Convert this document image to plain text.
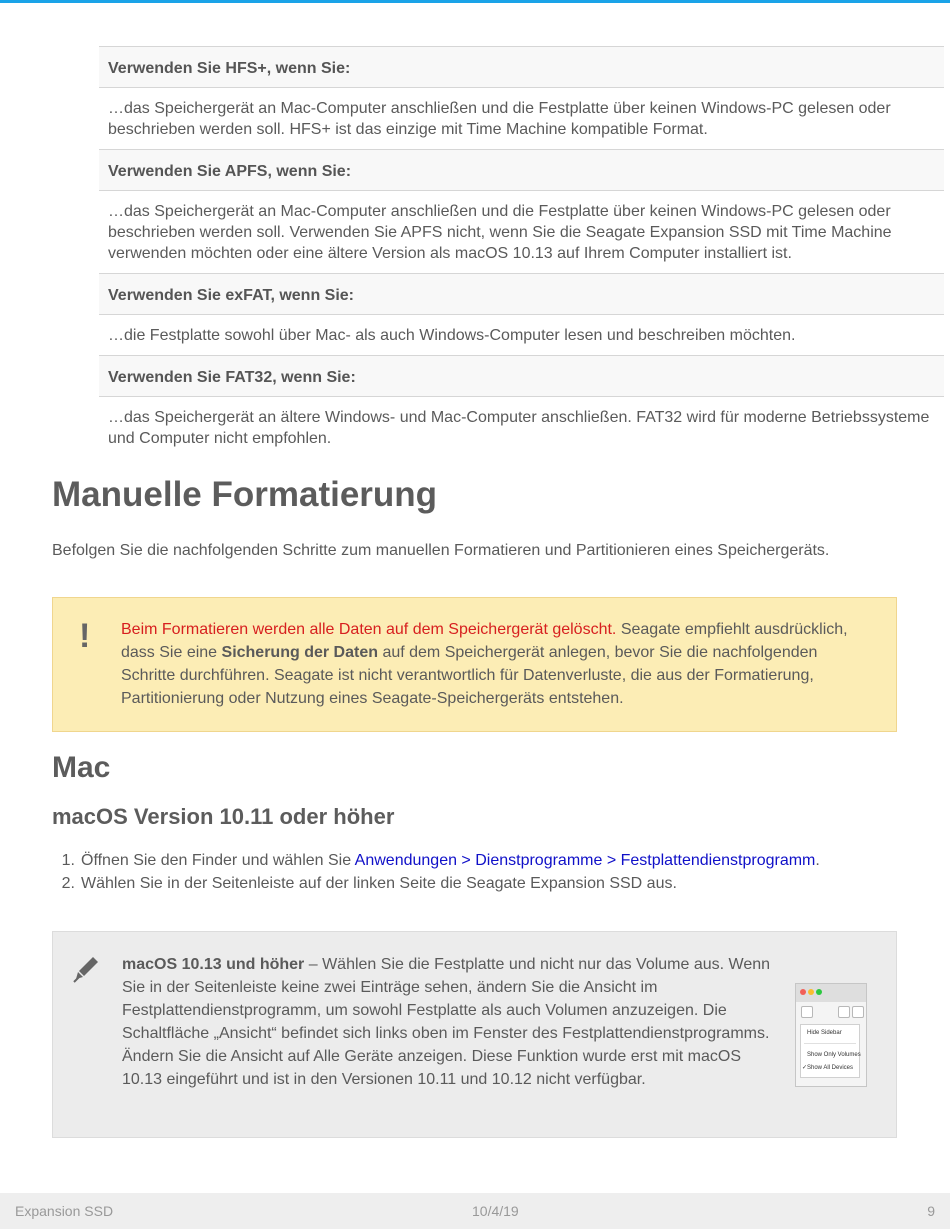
Verwenden Sie HFS+, wenn Sie:
…das Speichergerät an Mac-Computer anschließen und die Festplatte über keinen Windows-PC gelesen oder beschrieben werden soll. HFS+ ist das einzige mit Time Machine kompatible Format.
Verwenden Sie APFS, wenn Sie:
…das Speichergerät an Mac-Computer anschließen und die Festplatte über keinen Windows-PC gelesen oder beschrieben werden soll. Verwenden Sie APFS nicht, wenn Sie die Seagate Expansion SSD mit Time Machine verwenden möchten oder eine ältere Version als macOS 10.13 auf Ihrem Computer installiert ist.
Verwenden Sie exFAT, wenn Sie:
…die Festplatte sowohl über Mac- als auch Windows-Computer lesen und beschreiben möchten.
Verwenden Sie FAT32, wenn Sie:
…das Speichergerät an ältere Windows- und Mac-Computer anschließen. FAT32 wird für moderne Betriebssysteme und Computer nicht empfohlen.
Manuelle Formatierung

Befolgen Sie die nachfolgenden Schritte zum manuellen Formatieren und Partitionieren eines Speichergeräts.

! Beim Formatieren werden alle Daten auf dem Speichergerät gelöscht. Seagate empfiehlt ausdrücklich, dass Sie eine Sicherung der Daten auf dem Speichergerät anlegen, bevor Sie die nachfolgenden Schritte durchführen. Seagate ist nicht verantwortlich für Datenverluste, die aus der Formatierung, Partitionierung oder Nutzung eines Seagate-Speichergeräts entstehen.

Mac
macOS Version 10.11 oder höher
1. Öffnen Sie den Finder und wählen Sie Anwendungen > Dienstprogramme > Festplattendienstprogramm.
2. Wählen Sie in der Seitenleiste auf der linken Seite die Seagate Expansion SSD aus.

macOS 10.13 und höher – Wählen Sie die Festplatte und nicht nur das Volume aus. Wenn Sie in der Seitenleiste keine zwei Einträge sehen, ändern Sie die Ansicht im Festplattendienstprogramm, um sowohl Festplatte als auch Volumen anzuzeigen. Die Schaltfläche „Ansicht“ befindet sich links oben im Fenster des Festplattendienstprogramms. Ändern Sie die Ansicht auf Alle Geräte anzeigen. Diese Funktion wurde erst mit macOS 10.13 eingeführt und ist in den Versionen 10.11 und 10.12 nicht verfügbar.

Hide Sidebar
Show Only Volumes
✓ Show All Devices
Expansion SSD	10/4/19	9
